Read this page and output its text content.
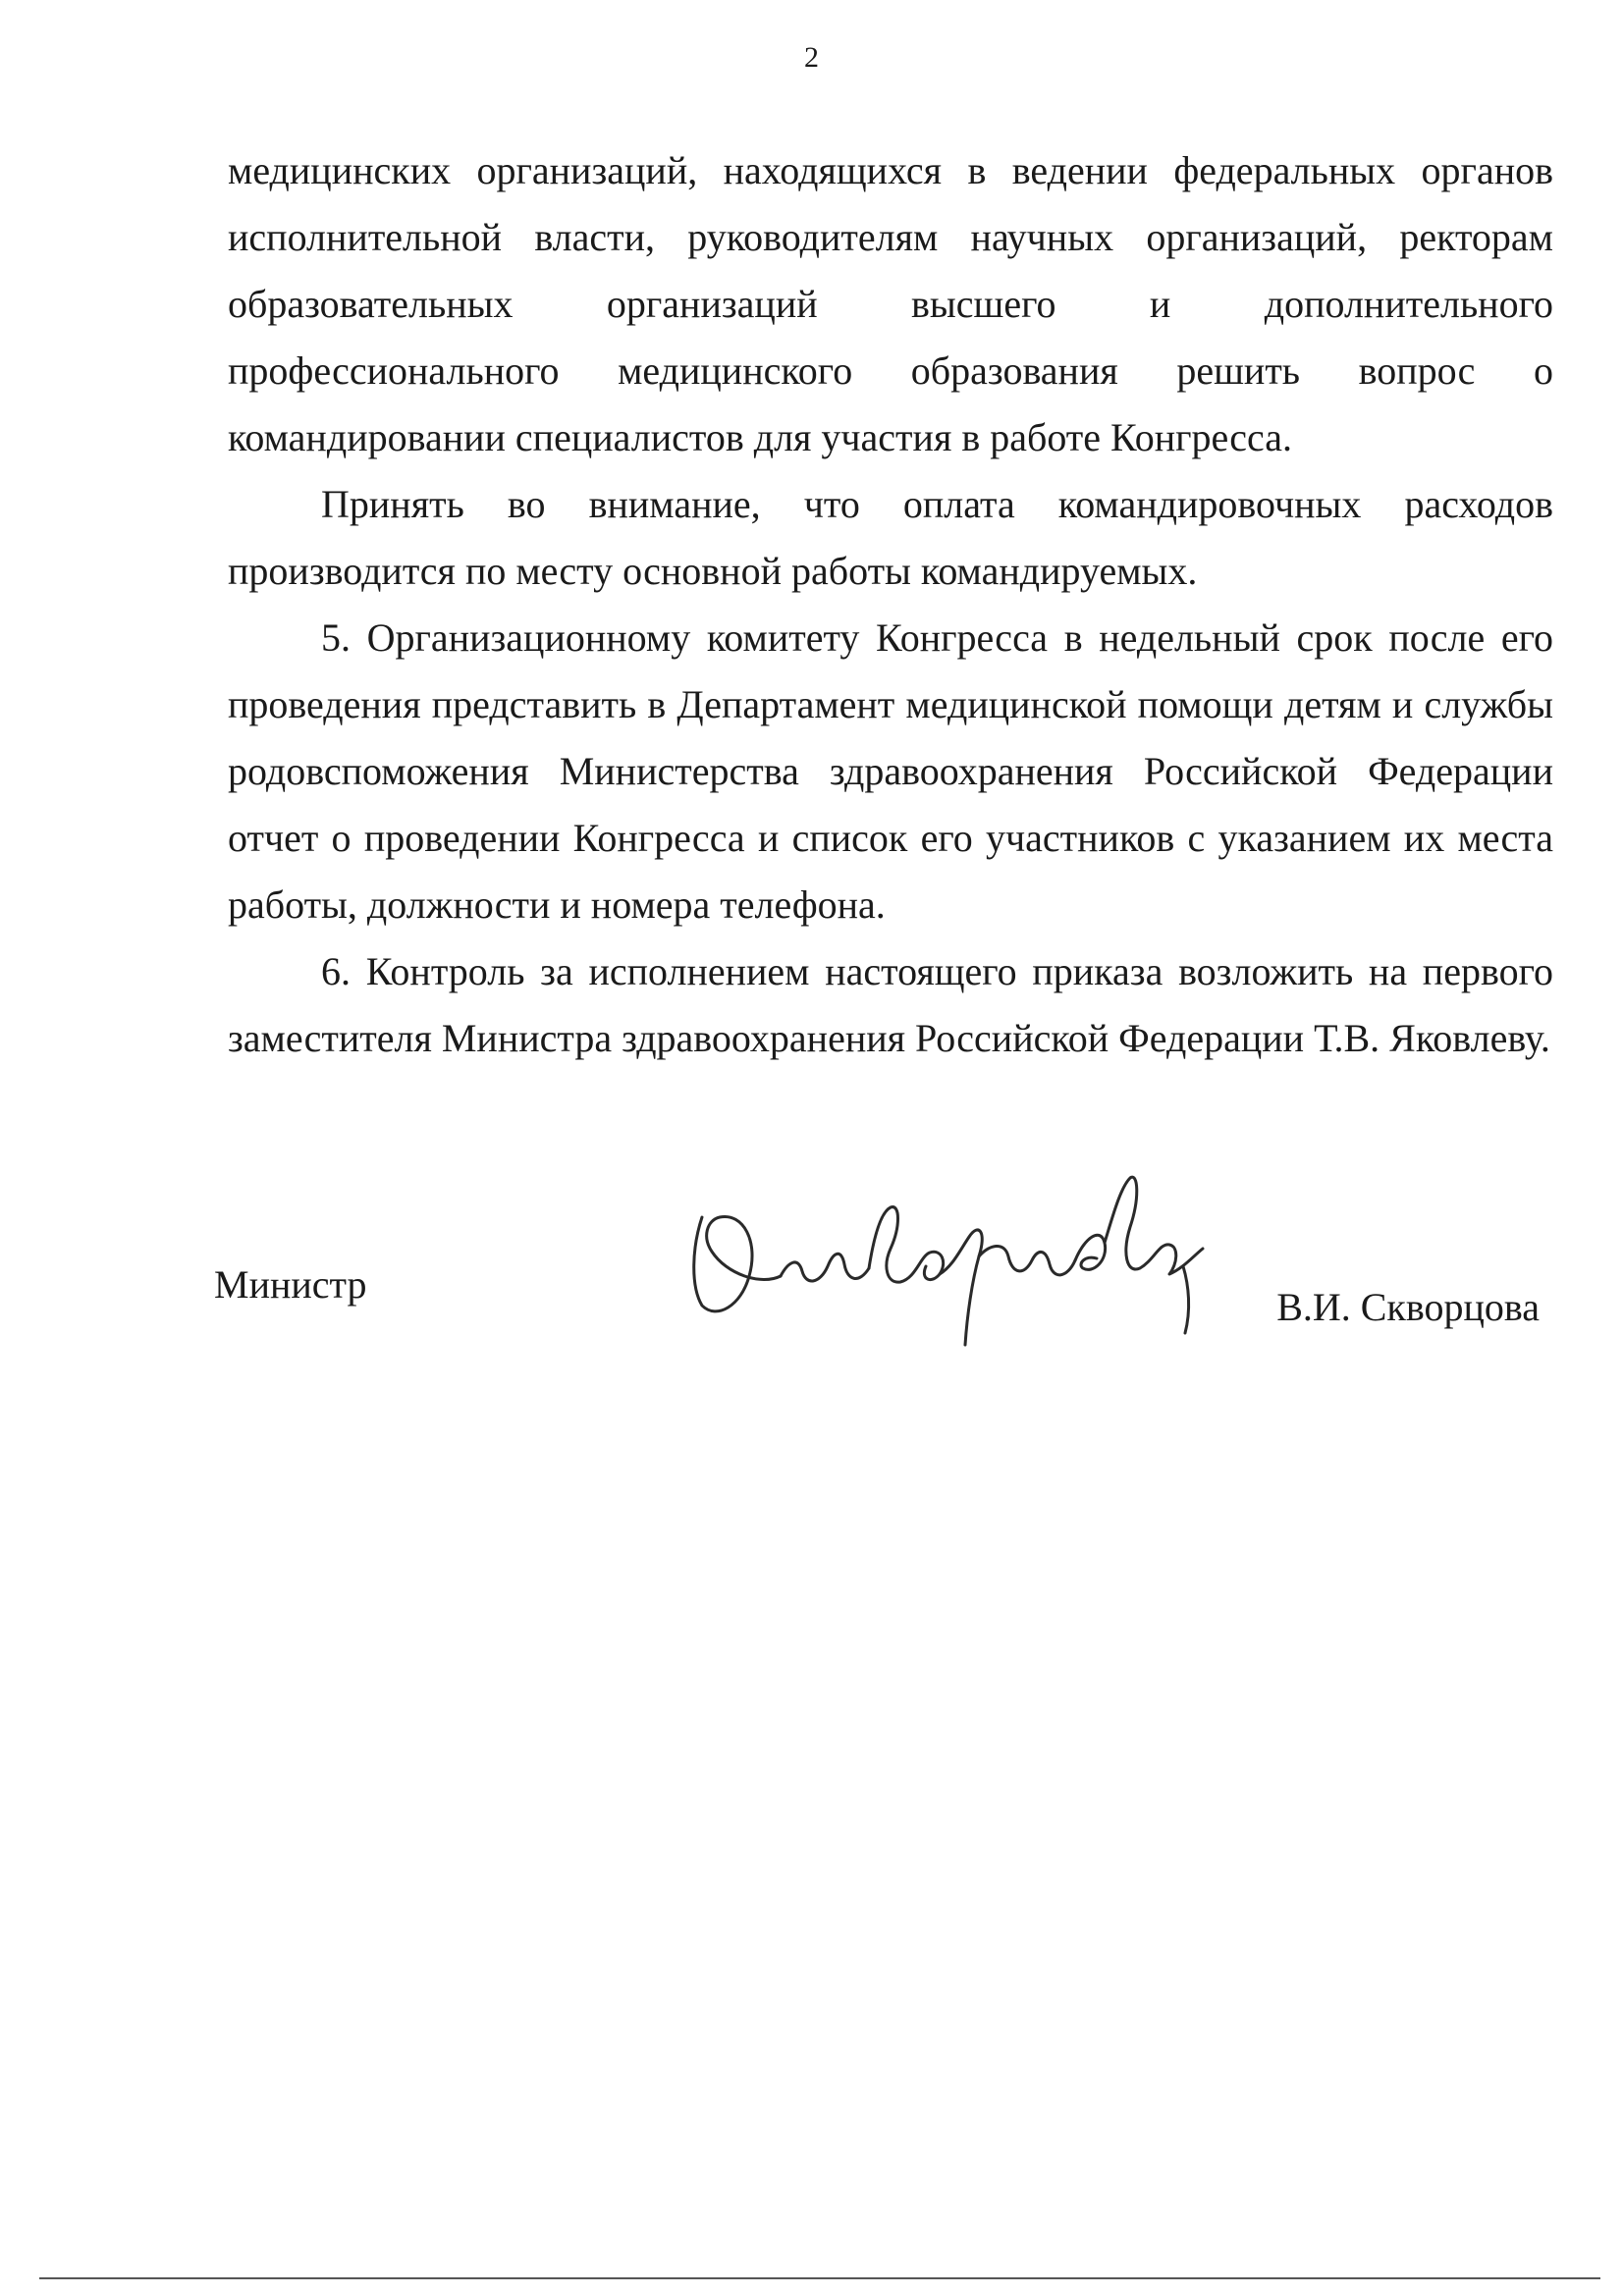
2

медицинских организаций, находящихся в ведении федеральных органов исполнительной власти, руководителям научных организаций, ректорам образовательных организаций высшего и дополнительного профессионального медицинского образования решить вопрос о командировании специалистов для участия в работе Конгресса.

Принять во внимание, что оплата командировочных расходов производится по месту основной работы командируемых.

5. Организационному комитету Конгресса в недельный срок после его проведения представить в Департамент медицинской помощи детям и службы родовспоможения Министерства здравоохранения Российской Федерации отчет о проведении Конгресса и список его участников с указанием их места работы, должности и номера телефона.

6. Контроль за исполнением настоящего приказа возложить на первого заместителя Министра здравоохранения Российской Федерации Т.В. Яковлеву.

Министр
В.И. Скворцова
